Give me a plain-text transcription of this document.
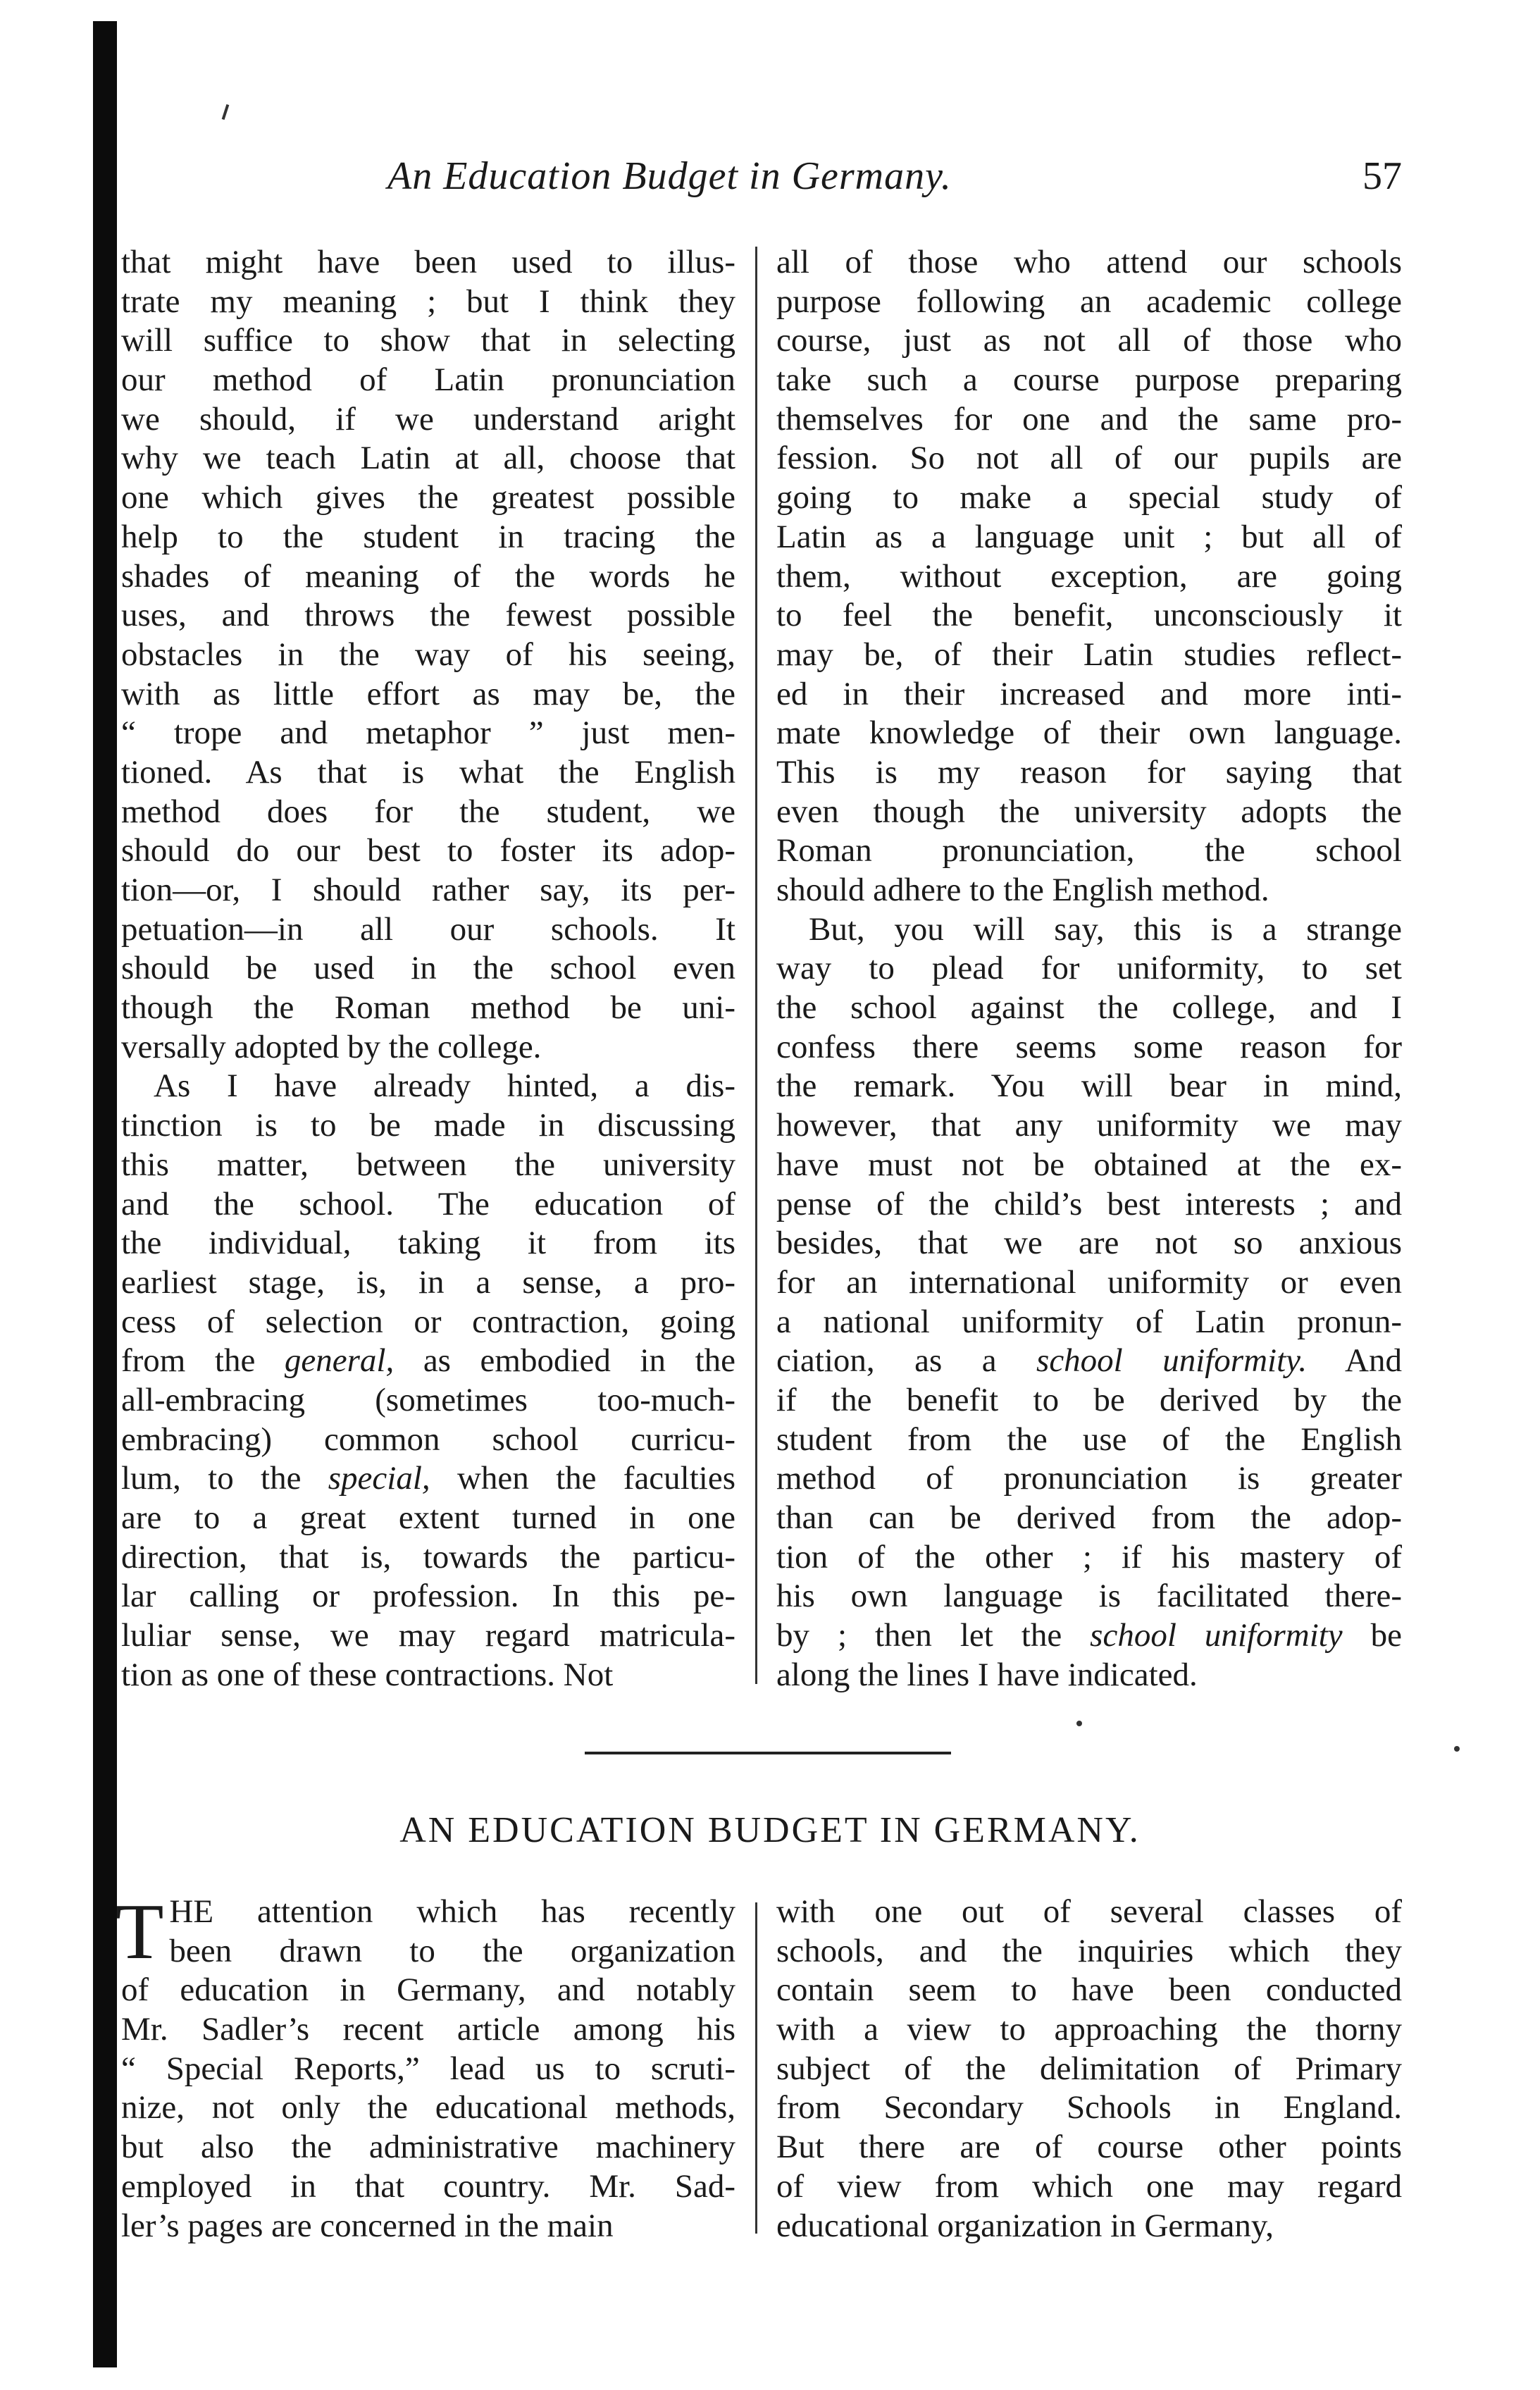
An Education Budget in Germany.	57
that might have been used to illus-
trate my meaning ; but I think they
will suffice to show that in selecting
our method of Latin pronunciation
we should, if we understand aright
why we teach Latin at all, choose that
one which gives the greatest possible
help to the student in tracing the
shades of meaning of the words he
uses, and throws the fewest possible
obstacles in the way of his seeing,
with as little effort as may be, the
“ trope and metaphor ” just men-
tioned. As that is what the English
method does for the student, we
should do our best to foster its adop-
tion—or, I should rather say, its per-
petuation—in all our schools. It
should be used in the school even
though the Roman method be uni-
versally adopted by the college.
As I have already hinted, a dis-
tinction is to be made in discussing
this matter, between the university
and the school. The education of
the individual, taking it from its
earliest stage, is, in a sense, a pro-
cess of selection or contraction, going
from the general, as embodied in the
all-embracing (sometimes too-much-
embracing) common school curricu-
lum, to the special, when the faculties
are to a great extent turned in one
direction, that is, towards the particu-
lar calling or profession. In this pe-
luliar sense, we may regard matricula-
tion as one of these contractions. Not
all of those who attend our schools
purpose following an academic college
course, just as not all of those who
take such a course purpose preparing
themselves for one and the same pro-
fession. So not all of our pupils are
going to make a special study of
Latin as a language unit ; but all of
them, without exception, are going
to feel the benefit, unconsciously it
may be, of their Latin studies reflect-
ed in their increased and more inti-
mate knowledge of their own language.
This is my reason for saying that
even though the university adopts the
Roman pronunciation, the school
should adhere to the English method.
But, you will say, this is a strange
way to plead for uniformity, to set
the school against the college, and I
confess there seems some reason for
the remark. You will bear in mind,
however, that any uniformity we may
have must not be obtained at the ex-
pense of the child’s best interests ; and
besides, that we are not so anxious
for an international uniformity or even
a national uniformity of Latin pronun-
ciation, as a school uniformity. And
if the benefit to be derived by the
student from the use of the English
method of pronunciation is greater
than can be derived from the adop-
tion of the other ; if his mastery of
his own language is facilitated there-
by ; then let the school uniformity be
along the lines I have indicated.
AN EDUCATION BUDGET IN GERMANY.
T HE attention which has recently
been drawn to the organization
of education in Germany, and notably
Mr. Sadler’s recent article among his
“ Special Reports,” lead us to scruti-
nize, not only the educational methods,
but also the administrative machinery
employed in that country. Mr. Sad-
ler’s pages are concerned in the main
with one out of several classes of
schools, and the inquiries which they
contain seem to have been conducted
with a view to approaching the thorny
subject of the delimitation of Primary
from Secondary Schools in England.
But there are of course other points
of view from which one may regard
educational organization in Germany,
